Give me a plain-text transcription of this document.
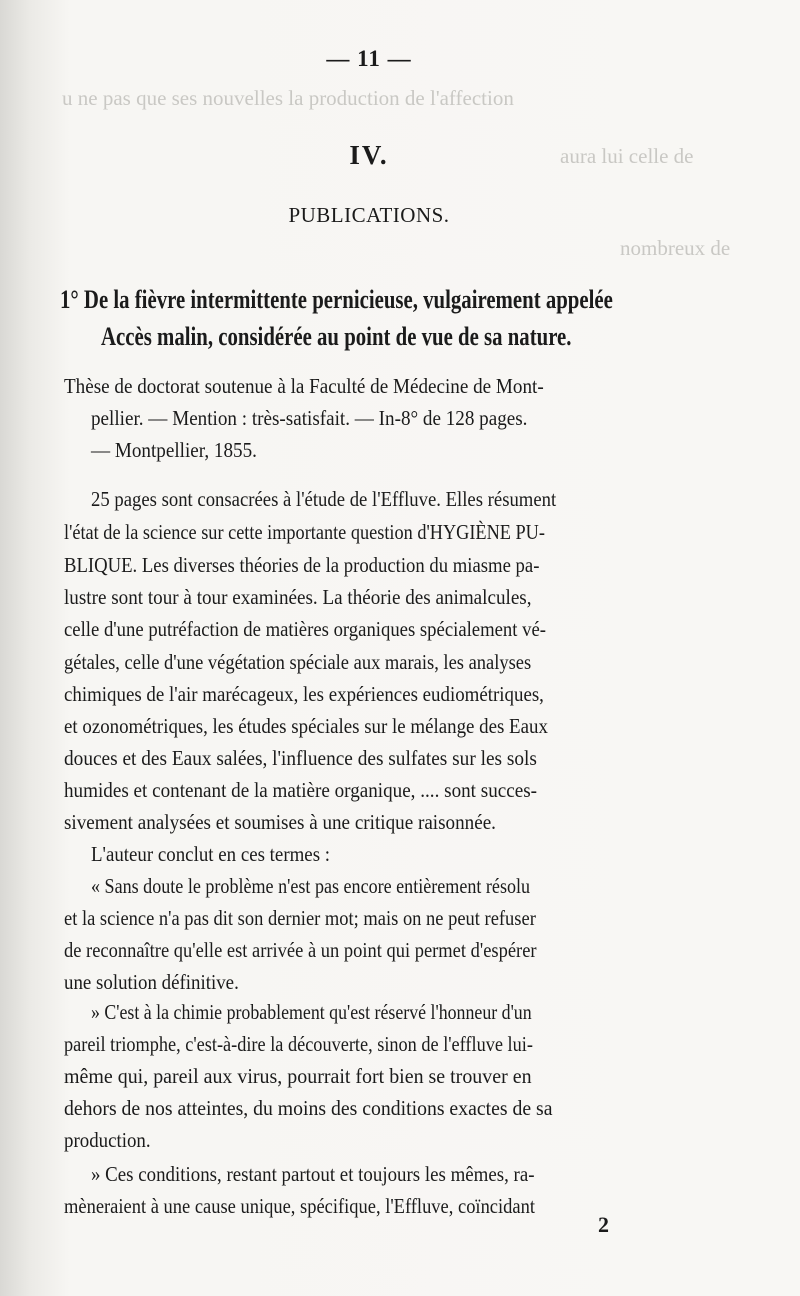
u ne pas que ses nouvelles la production de l'affection
aura lui celle de
nombreux de
— 11 —
IV.
PUBLICATIONS.
1° De la fièvre intermittente pernicieuse, vulgairement appelée
Accès malin, considérée au point de vue de sa nature.
Thèse de doctorat soutenue à la Faculté de Médecine de Mont-
pellier. — Mention : très-satisfait. — In-8° de 128 pages.
— Montpellier, 1855.
25 pages sont consacrées à l'étude de l'Effluve. Elles résument
l'état de la science sur cette importante question d'HYGIÈNE PU-
BLIQUE. Les diverses théories de la production du miasme pa-
lustre sont tour à tour examinées. La théorie des animalcules,
celle d'une putréfaction de matières organiques spécialement vé-
gétales, celle d'une végétation spéciale aux marais, les analyses
chimiques de l'air marécageux, les expériences eudiométriques,
et ozonométriques, les études spéciales sur le mélange des Eaux
douces et des Eaux salées, l'influence des sulfates sur les sols
humides et contenant de la matière organique, .... sont succes-
sivement analysées et soumises à une critique raisonnée.
L'auteur conclut en ces termes :
« Sans doute le problème n'est pas encore entièrement résolu
et la science n'a pas dit son dernier mot; mais on ne peut refuser
de reconnaître qu'elle est arrivée à un point qui permet d'espérer
une solution définitive.
» C'est à la chimie probablement qu'est réservé l'honneur d'un
pareil triomphe, c'est-à-dire la découverte, sinon de l'effluve lui-
même qui, pareil aux virus, pourrait fort bien se trouver en
dehors de nos atteintes, du moins des conditions exactes de sa
production.
» Ces conditions, restant partout et toujours les mêmes, ra-
mèneraient à une cause unique, spécifique, l'Effluve, coïncidant
2
